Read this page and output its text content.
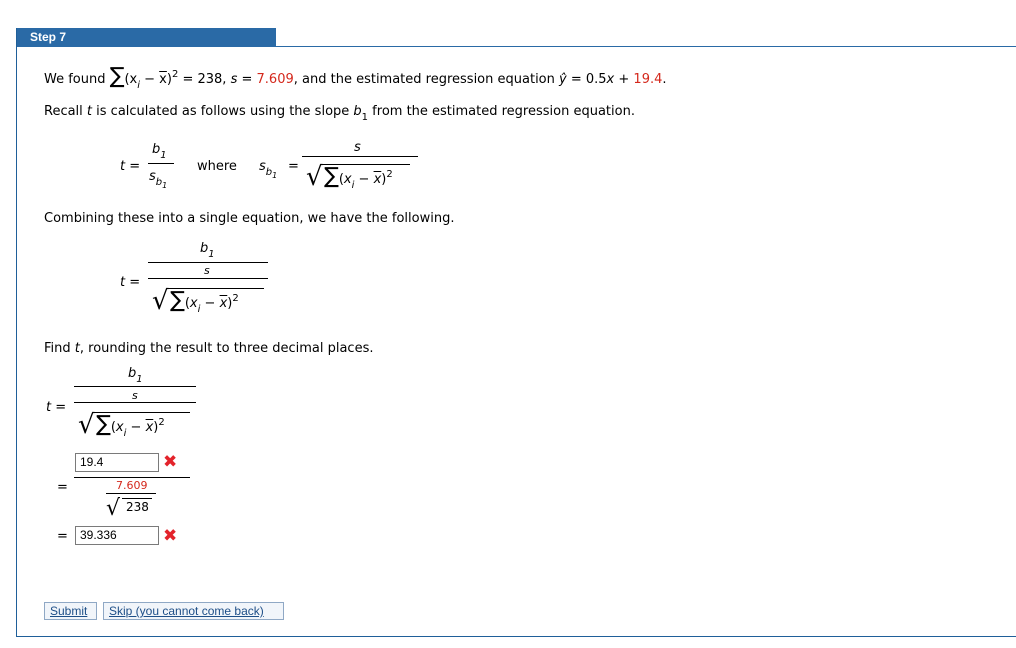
Step 7
We found $\sum(x_i - \overline{x})^2 = 238$, s = 7.609, and the estimated regression equation ŷ = 0.5x + 19.4.
Recall t is calculated as follows using the slope $b_1$ from the estimated regression equation.
t =
$b_1$
$s_{b_1}$
where $s_{b_1}$
=
s
√ $\sum(x_i - \overline{x})^2$
Combining these into a single equation, we have the following.
$b_1$
s
t =
√ $\sum(x_i - \overline{x})^2$
Find t, rounding the result to three decimal places.
$b_1$
s
t =
√ $\sum(x_i - \overline{x})^2$
19.4	✖
=	7.609
√ 238
=	39.336	✖
Submit	Skip (you cannot come back)
